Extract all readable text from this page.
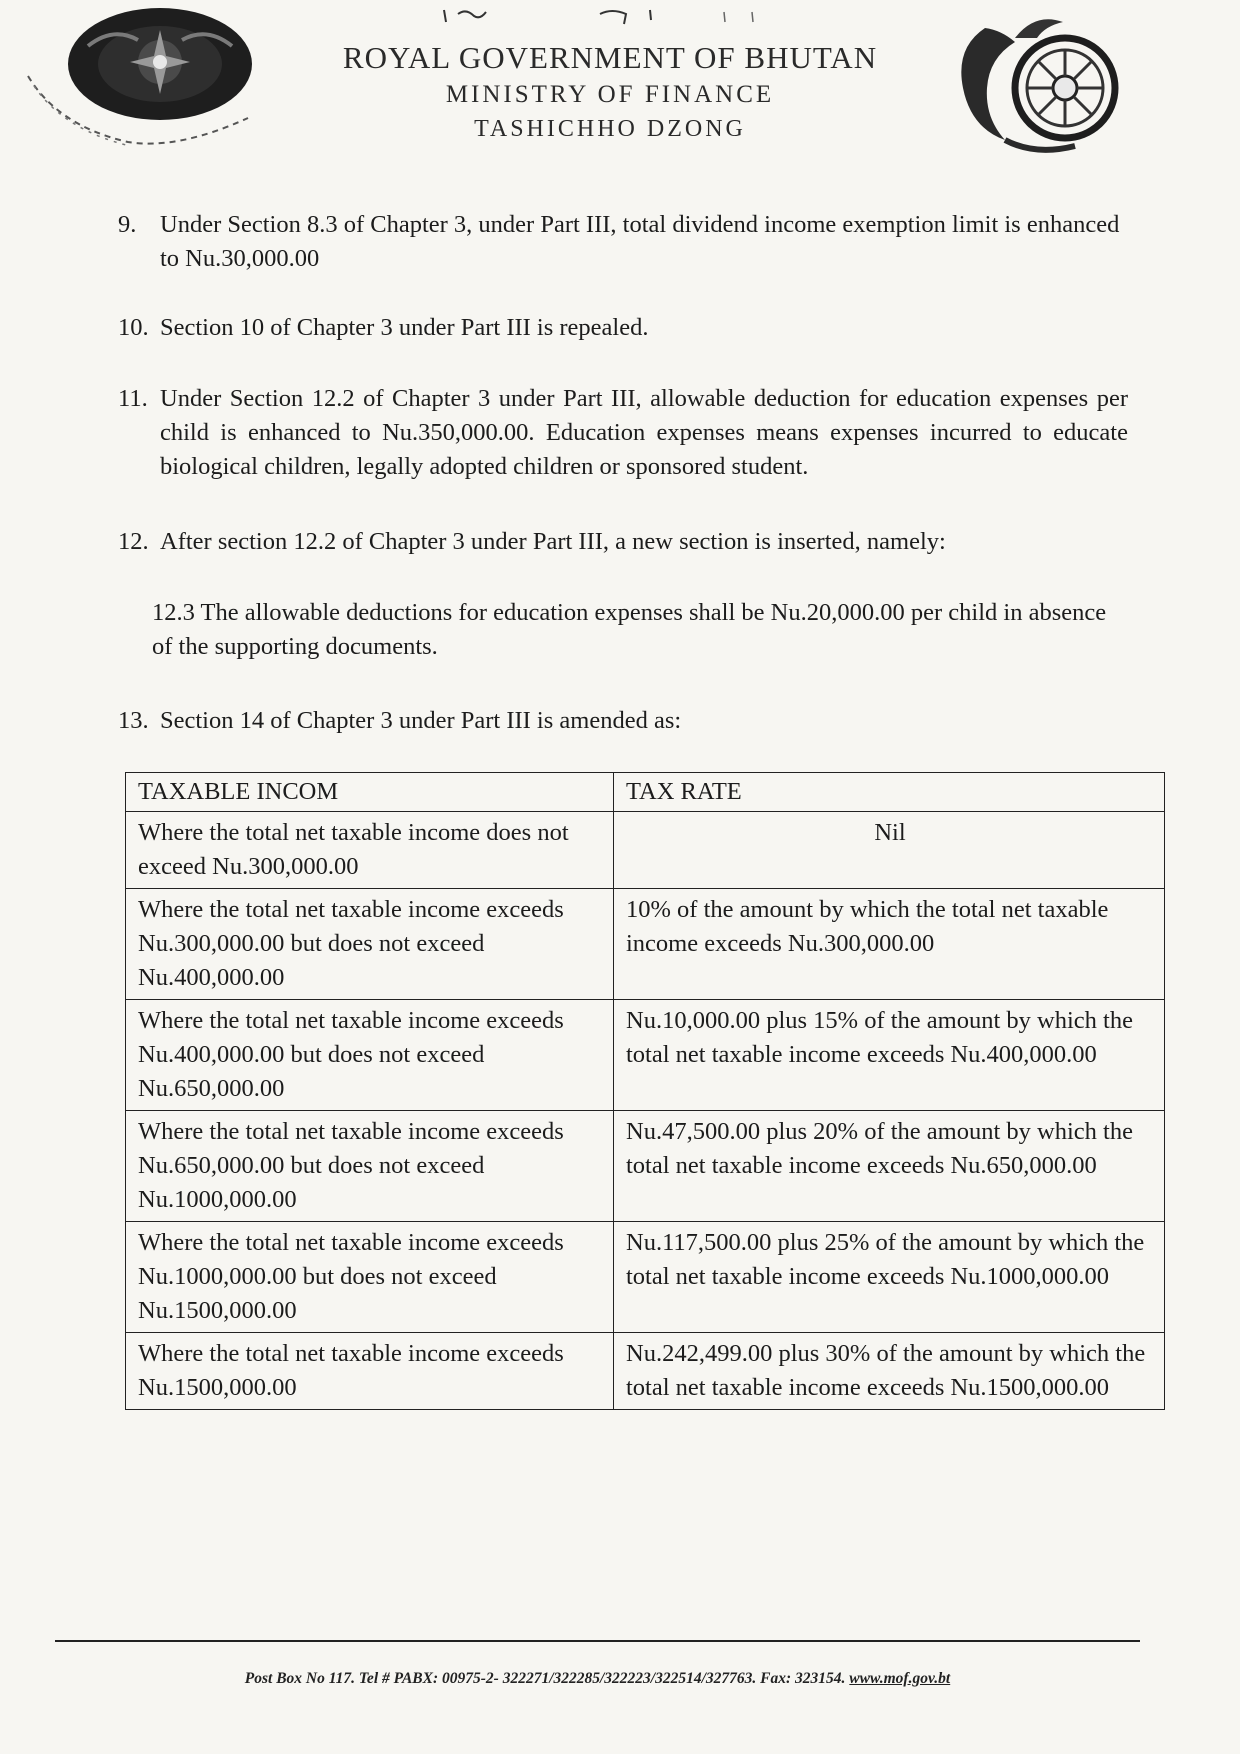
ROYAL GOVERNMENT OF BHUTAN
MINISTRY OF FINANCE
TASHICHHO DZONG
9. Under Section 8.3 of Chapter 3, under Part III, total dividend income exemption limit is enhanced to Nu.30,000.00
10. Section 10 of Chapter 3 under Part III is repealed.
11. Under Section 12.2 of Chapter 3 under Part III, allowable deduction for education expenses per child is enhanced to Nu.350,000.00. Education expenses means expenses incurred to educate biological children, legally adopted children or sponsored student.
12. After section 12.2 of Chapter 3 under Part III, a new section is inserted, namely:
12.3 The allowable deductions for education expenses shall be Nu.20,000.00 per child in absence of the supporting documents.
13. Section 14 of Chapter 3 under Part III is amended as:
TAXABLE INCOM	TAX RATE
Where the total net taxable income does not exceed Nu.300,000.00	Nil
Where the total net taxable income exceeds Nu.300,000.00 but does not exceed Nu.400,000.00	10% of the amount by which the total net taxable income exceeds Nu.300,000.00
Where the total net taxable income exceeds Nu.400,000.00 but does not exceed Nu.650,000.00	Nu.10,000.00 plus 15% of the amount by which the total net taxable income exceeds Nu.400,000.00
Where the total net taxable income exceeds Nu.650,000.00 but does not exceed Nu.1000,000.00	Nu.47,500.00 plus 20% of the amount by which the total net taxable income exceeds Nu.650,000.00
Where the total net taxable income exceeds Nu.1000,000.00 but does not exceed Nu.1500,000.00	Nu.117,500.00 plus 25% of the amount by which the total net taxable income exceeds Nu.1000,000.00
Where the total net taxable income exceeds Nu.1500,000.00	Nu.242,499.00 plus 30% of the amount by which the total net taxable income exceeds Nu.1500,000.00
Post Box No 117. Tel # PABX: 00975-2- 322271/322285/322223/322514/327763. Fax: 323154. www.mof.gov.bt
